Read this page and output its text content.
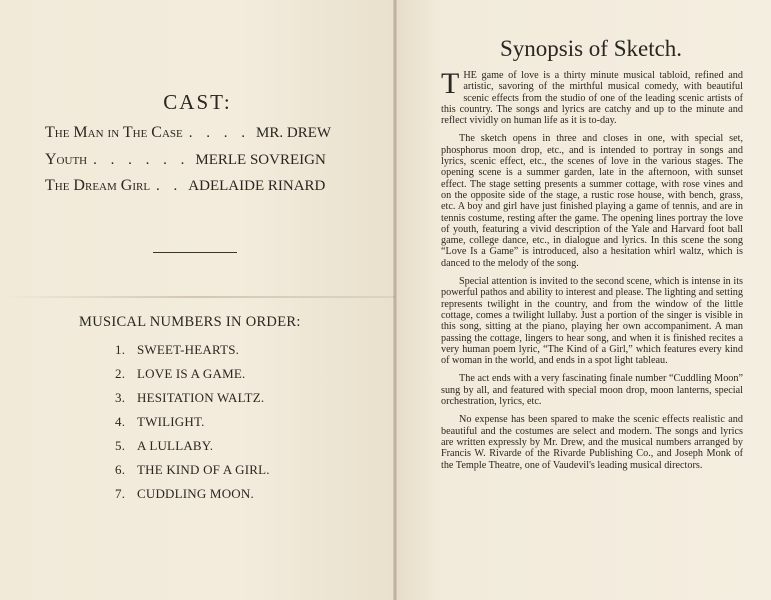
CAST:
The Man in The Case . . . . MR. DREW
Youth . . . . . . MERLE SOVREIGN
The Dream Girl . . ADELAIDE RINARD
MUSICAL NUMBERS IN ORDER:
1. SWEET-HEARTS.
2. LOVE IS A GAME.
3. HESITATION WALTZ.
4. TWILIGHT.
5. A LULLABY.
6. THE KIND OF A GIRL.
7. CUDDLING MOON.
Synopsis of Sketch.

THE game of love is a thirty minute musical tabloid, refined and artistic, savoring of the mirthful musical comedy, with beautiful scenic effects from the studio of one of the leading scenic artists of this country. The songs and lyrics are catchy and up to the minute and reflect vividly on human life as it is to-day.

The sketch opens in three and closes in one, with special set, phosphorus moon drop, etc., and is intended to portray in songs and lyrics, scenic effect, etc., the scenes of love in the various stages. The opening scene is a summer garden, late in the afternoon, with sunset effect. The stage setting presents a summer cottage, with rose vines and on the opposite side of the stage, a rustic rose house, with bench, grass, etc. A boy and girl have just finished playing a game of tennis, and are in tennis costume, resting after the game. The opening lines portray the love of youth, featuring a vivid description of the Yale and Harvard foot ball game, college dance, etc., in dialogue and lyrics. In this scene the song “Love Is a Game” is introduced, also a hesitation whirl waltz, which is danced to the melody of the song.

Special attention is invited to the second scene, which is intense in its powerful pathos and ability to interest and please. The lighting and setting represents twilight in the country, and from the window of the little cottage, comes a twilight lullaby. Just a portion of the singer is visible in this song, sitting at the piano, playing her own accompaniment. A man passing the cottage, lingers to hear song, and when it is finished recites a very human poem lyric, “The Kind of a Girl,” which features every kind of woman in the world, and ends in a spot light tableau.

The act ends with a very fascinating finale number “Cuddling Moon” sung by all, and featured with special moon drop, moon lanterns, special orchestration, lyrics, etc.

No expense has been spared to make the scenic effects realistic and beautiful and the costumes are select and modern. The songs and lyrics are written expressly by Mr. Drew, and the musical numbers arranged by Francis W. Rivarde of the Rivarde Publishing Co., and Joseph Monk of the Temple Theatre, one of Vaudevil's leading musical directors.
